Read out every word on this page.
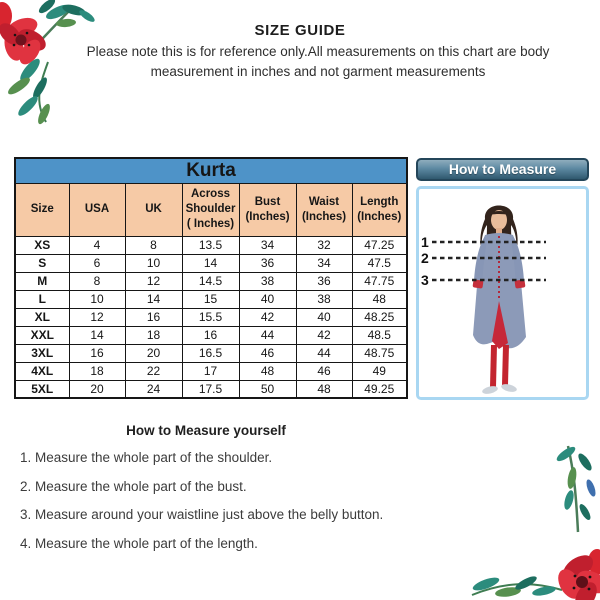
SIZE GUIDE
Please note this is for reference only.All measurements on this chart are body
measurement in inches and not garment measurements
Kurta						
Size	USA	UK	Across Shoulder ( Inches)	Bust (Inches)	Waist (Inches)	Length (Inches)
XS	4	8	13.5	34	32	47.25
S	6	10	14	36	34	47.5
M	8	12	14.5	38	36	47.75
L	10	14	15	40	38	48
XL	12	16	15.5	42	40	48.25
XXL	14	18	16	44	42	48.5
3XL	16	20	16.5	46	44	48.75
4XL	18	22	17	48	46	49
5XL	20	24	17.5	50	48	49.25
How to Measure
1
2
3
How to Measure yourself
1. Measure the whole part of the shoulder.
2. Measure the whole part of the bust.
3. Measure around your waistline just above the belly button.
4. Measure the whole part of the length.
